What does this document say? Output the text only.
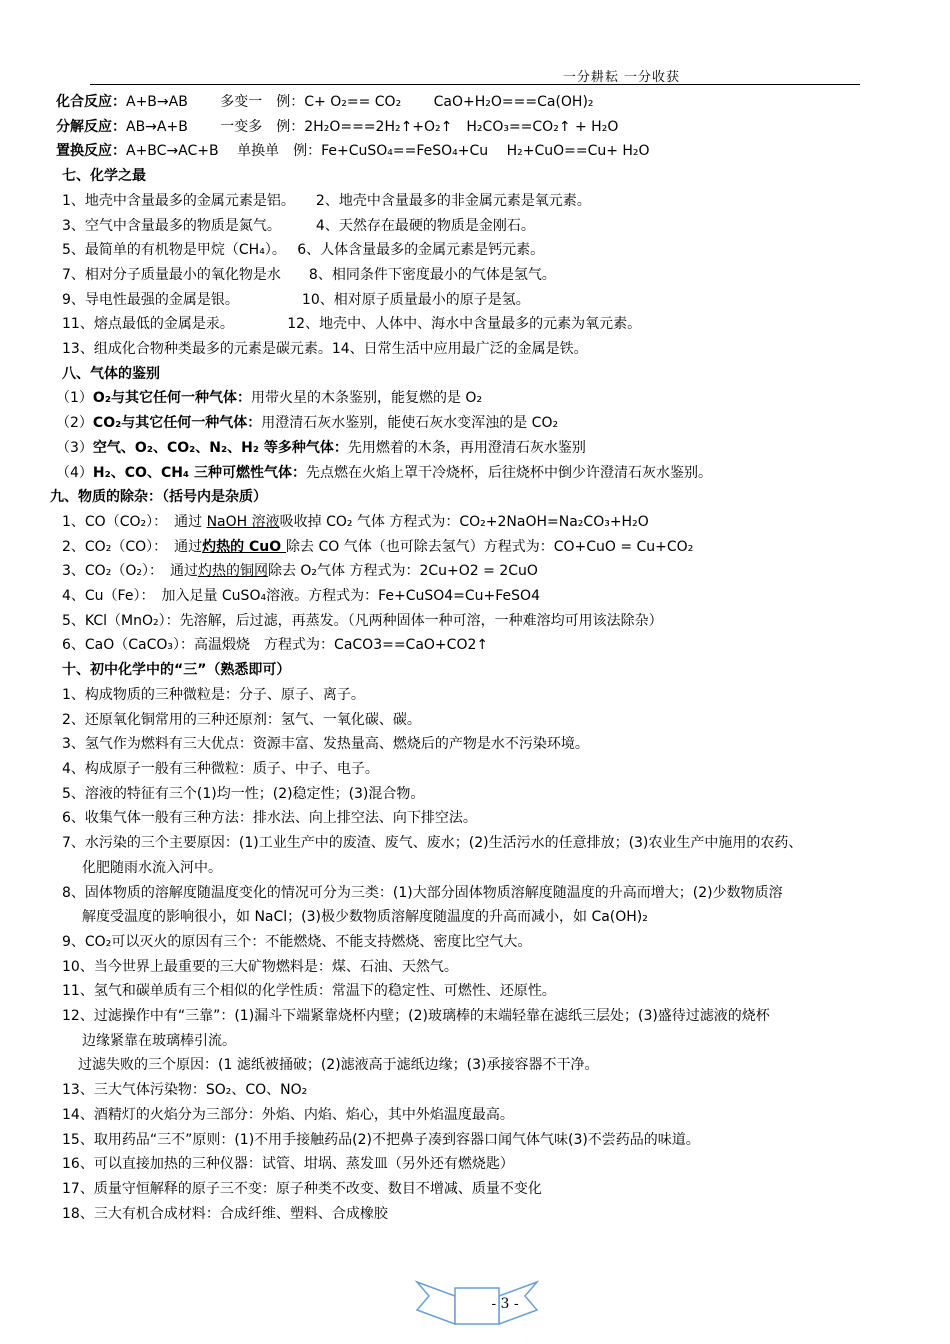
一分耕耘 一分收获
化合反应：A+B→AB　　 多变一　例：C+ O₂== CO₂　　 CaO+H₂O===Ca(OH)₂
分解反应：AB→A+B　　 一变多　例：2H₂O===2H₂↑+O₂↑　H₂CO₃==CO₂↑ + H₂O
置换反应：A+BC→AC+B　 单换单　例：Fe+CuSO₄==FeSO₄+Cu　 H₂+CuO==Cu+ H₂O
七、化学之最
1、地壳中含量最多的金属元素是铝。　　2、地壳中含量最多的非金属元素是氧元素。
3、空气中含量最多的物质是氮气。　　　4、天然存在最硬的物质是金刚石。
5、最简单的有机物是甲烷（CH₄）。　 6、人体含量最多的金属元素是钙元素。
7、相对分子质量最小的氧化物是水　　8、相同条件下密度最小的气体是氢气。
9、导电性最强的金属是银。　　　　　10、相对原子质量最小的原子是氢。
11、熔点最低的金属是汞。　　　　 12、地壳中、人体中、海水中含量最多的元素为氧元素。
13、组成化合物种类最多的元素是碳元素。14、日常生活中应用最广泛的金属是铁。
八、气体的鉴别
（1）O₂与其它任何一种气体：用带火星的木条鉴别，能复燃的是 O₂
（2）CO₂与其它任何一种气体：用澄清石灰水鉴别，能使石灰水变浑浊的是 CO₂
（3）空气、O₂、CO₂、N₂、H₂ 等多种气体：先用燃着的木条，再用澄清石灰水鉴别
（4）H₂、CO、CH₄ 三种可燃性气体：先点燃在火焰上罩干冷烧杯，后往烧杯中倒少许澄清石灰水鉴别。
九、物质的除杂：（括号内是杂质）
1、CO（CO₂）：　通过 NaOH 溶液吸收掉 CO₂ 气体 方程式为：CO₂+2NaOH=Na₂CO₃+H₂O
2、CO₂（CO）：　通过灼热的 CuO 除去 CO 气体（也可除去氢气）方程式为：CO+CuO = Cu+CO₂
3、CO₂（O₂）：　通过灼热的铜网除去 O₂气体 方程式为：2Cu+O2 = 2CuO
4、Cu（Fe）：　加入足量 CuSO₄溶液。方程式为：Fe+CuSO4=Cu+FeSO4
5、KCl（MnO₂）：先溶解，后过滤，再蒸发。（凡两种固体一种可溶，一种难溶均可用该法除杂）
6、CaO（CaCO₃）：高温煅烧　方程式为：CaCO3==CaO+CO2↑
十、初中化学中的“三”（熟悉即可）
1、构成物质的三种微粒是：分子、原子、离子。
2、还原氧化铜常用的三种还原剂：氢气、一氧化碳、碳。
3、氢气作为燃料有三大优点：资源丰富、发热量高、燃烧后的产物是水不污染环境。
4、构成原子一般有三种微粒：质子、中子、电子。
5、溶液的特征有三个(1)均一性；(2)稳定性；(3)混合物。
6、收集气体一般有三种方法：排水法、向上排空法、向下排空法。
7、水污染的三个主要原因：(1)工业生产中的废渣、废气、废水；(2)生活污水的任意排放；(3)农业生产中施用的农药、
化肥随雨水流入河中。
8、固体物质的溶解度随温度变化的情况可分为三类：(1)大部分固体物质溶解度随温度的升高而增大；(2)少数物质溶
解度受温度的影响很小，如 NaCl；(3)极少数物质溶解度随温度的升高而减小，如 Ca(OH)₂
9、CO₂可以灭火的原因有三个：不能燃烧、不能支持燃烧、密度比空气大。
10、当今世界上最重要的三大矿物燃料是：煤、石油、天然气。
11、氢气和碳单质有三个相似的化学性质：常温下的稳定性、可燃性、还原性。
12、过滤操作中有“三靠”：(1)漏斗下端紧靠烧杯内壁；(2)玻璃棒的末端轻靠在滤纸三层处；(3)盛待过滤液的烧杯
边缘紧靠在玻璃棒引流。
过滤失败的三个原因：(1 滤纸被捅破；(2)滤液高于滤纸边缘；(3)承接容器不干净。
13、三大气体污染物：SO₂、CO、NO₂
14、酒精灯的火焰分为三部分：外焰、内焰、焰心，其中外焰温度最高。
15、取用药品“三不”原则：(1)不用手接触药品(2)不把鼻子凑到容器口闻气体气味(3)不尝药品的味道。
16、可以直接加热的三种仪器：试管、坩埚、蒸发皿（另外还有燃烧匙）
17、质量守恒解释的原子三不变：原子种类不改变、数目不增减、质量不变化
18、三大有机合成材料：合成纤维、塑料、合成橡胶
- 3 -
